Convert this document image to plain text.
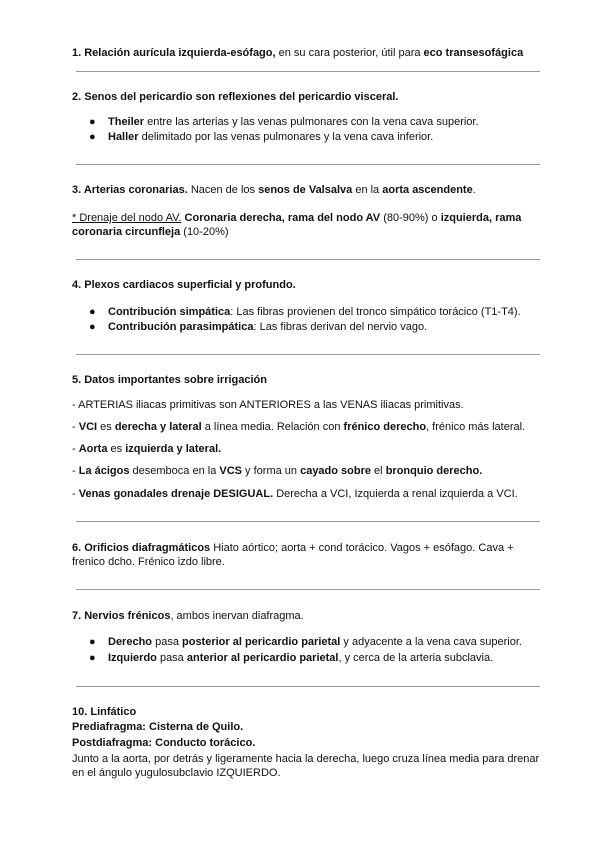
1. Relación aurícula izquierda-esófago, en su cara posterior, útil para eco transesofágica
2. Senos del pericardio son reflexiones del pericardio visceral.
●	Theiler entre las arterias y las venas pulmonares con la vena cava superior.
●	Haller delimitado por las venas pulmonares y la vena cava inferior.
3. Arterias coronarias. Nacen de los senos de Valsalva en la aorta ascendente.
* Drenaje del nodo AV. Coronaria derecha, rama del nodo AV (80-90%) o izquierda, rama
coronaria circunfleja (10-20%)
4. Plexos cardiacos superficial y profundo.
●	Contribución simpática: Las fibras provienen del tronco simpático torácico (T1-T4).
●	Contribución parasimpática: Las fibras derivan del nervio vago.
5. Datos importantes sobre irrigación
- ARTERIAS iliacas primitivas son ANTERIORES a las VENAS iliacas primitivas.
- VCI es derecha y lateral a línea media. Relación con frénico derecho, frénico más lateral.
- Aorta es izquierda y lateral.
- La ácigos desemboca en la VCS y forma un cayado sobre el bronquio derecho.
- Venas gonadales drenaje DESIGUAL. Derecha a VCI, Izquierda a renal izquierda a VCI.
6. Orificios diafragmáticos Hiato aórtico; aorta + cond torácico. Vagos + esófago. Cava +
frenico dcho. Frénico izdo libre.
7. Nervios frénicos, ambos inervan diafragma.
●	Derecho pasa posterior al pericardio parietal y adyacente a la vena cava superior.
●	Izquierdo pasa anterior al pericardio parietal, y cerca de la arteria subclavia.
10. Linfático
Prediafragma: Cisterna de Quilo.
Postdiafragma: Conducto torácico.
Junto a la aorta, por detrás y ligeramente hacia la derecha, luego cruza línea media para drenar
en el ángulo yugulosubclavio IZQUIERDO.
